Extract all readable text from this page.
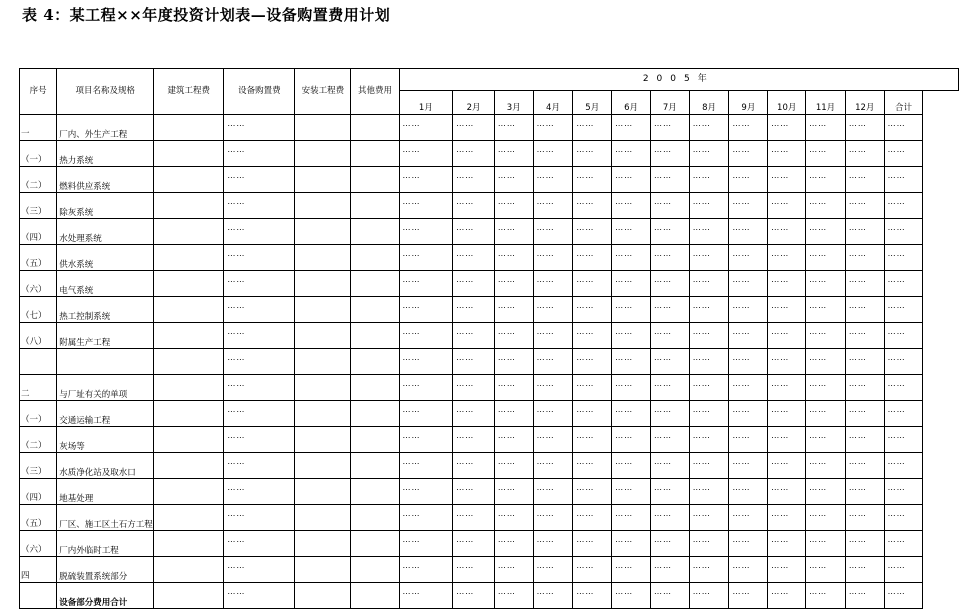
表 4：某工程××年度投资计划表—设备购置费用计划
序号	项目名称及规格	建筑工程费	设备购置费	安装工程费	其他费用	2005年												
						1月	2月	3月	4月	5月	6月	7月	8月	9月	10月	11月	12月	合计
一	厂内、外生产工程		……			……	……	……	……	……	……	……	……	……	……	……	……	……
（一）	热力系统		……			……	……	……	……	……	……	……	……	……	……	……	……	……
（二）	燃料供应系统		……			……	……	……	……	……	……	……	……	……	……	……	……	……
（三）	除灰系统		……			……	……	……	……	……	……	……	……	……	……	……	……	……
（四）	水处理系统		……			……	……	……	……	……	……	……	……	……	……	……	……	……
（五）	供水系统		……			……	……	……	……	……	……	……	……	……	……	……	……	……
（六）	电气系统		……			……	……	……	……	……	……	……	……	……	……	……	……	……
（七）	热工控制系统		……			……	……	……	……	……	……	……	……	……	……	……	……	……
（八）	附属生产工程		……			……	……	……	……	……	……	……	……	……	……	……	……	……
			……			……	……	……	……	……	……	……	……	……	……	……	……	……
二	与厂址有关的单项		……			……	……	……	……	……	……	……	……	……	……	……	……	……
（一）	交通运输工程		……			……	……	……	……	……	……	……	……	……	……	……	……	……
（二）	灰场等		……			……	……	……	……	……	……	……	……	……	……	……	……	……
（三）	水质净化站及取水口		……			……	……	……	……	……	……	……	……	……	……	……	……	……
（四）	地基处理		……			……	……	……	……	……	……	……	……	……	……	……	……	……
（五）	厂区、施工区土石方工程		……			……	……	……	……	……	……	……	……	……	……	……	……	……
（六）	厂内外临时工程		……			……	……	……	……	……	……	……	……	……	……	……	……	……
四	脱硫装置系统部分		……			……	……	……	……	……	……	……	……	……	……	……	……	……
	设备部分费用合计		……			……	……	……	……	……	……	……	……	……	……	……	……	……
